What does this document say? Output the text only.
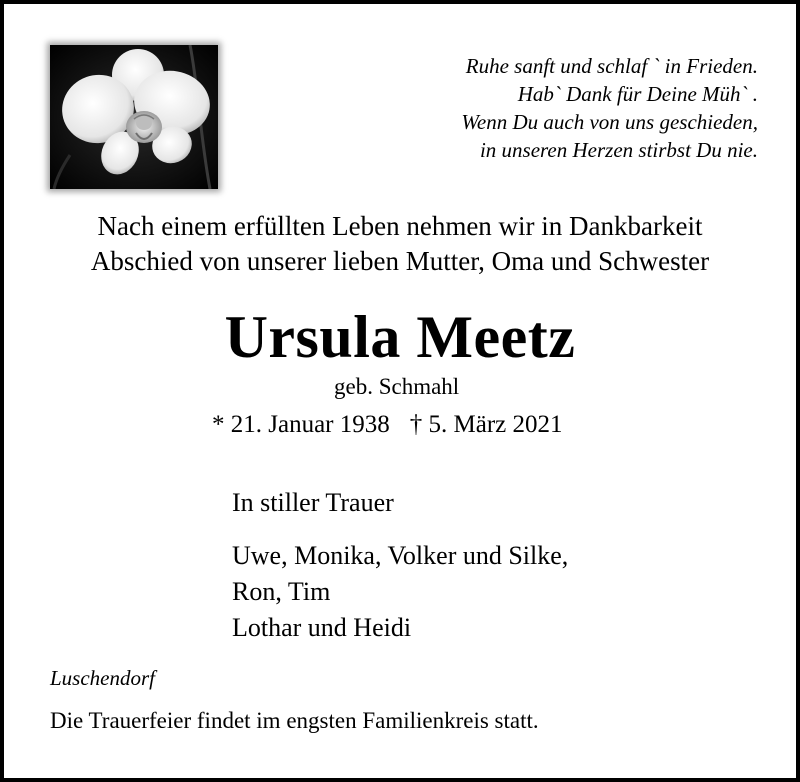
Ruhe sanft und schlaf ` in Frieden.
Hab` Dank für Deine Müh` .
Wenn Du auch von uns geschieden,
in unseren Herzen stirbst Du nie.
Nach einem erfüllten Leben nehmen wir in Dankbarkeit
Abschied von unserer lieben Mutter, Oma und Schwester
Ursula Meetz
geb. Schmahl
* 21. Januar 1938 † 5. März 2021
In stiller Trauer
Uwe, Monika, Volker und Silke,
Ron, Tim
Lothar und Heidi
Luschendorf
Die Trauerfeier findet im engsten Familienkreis statt.
